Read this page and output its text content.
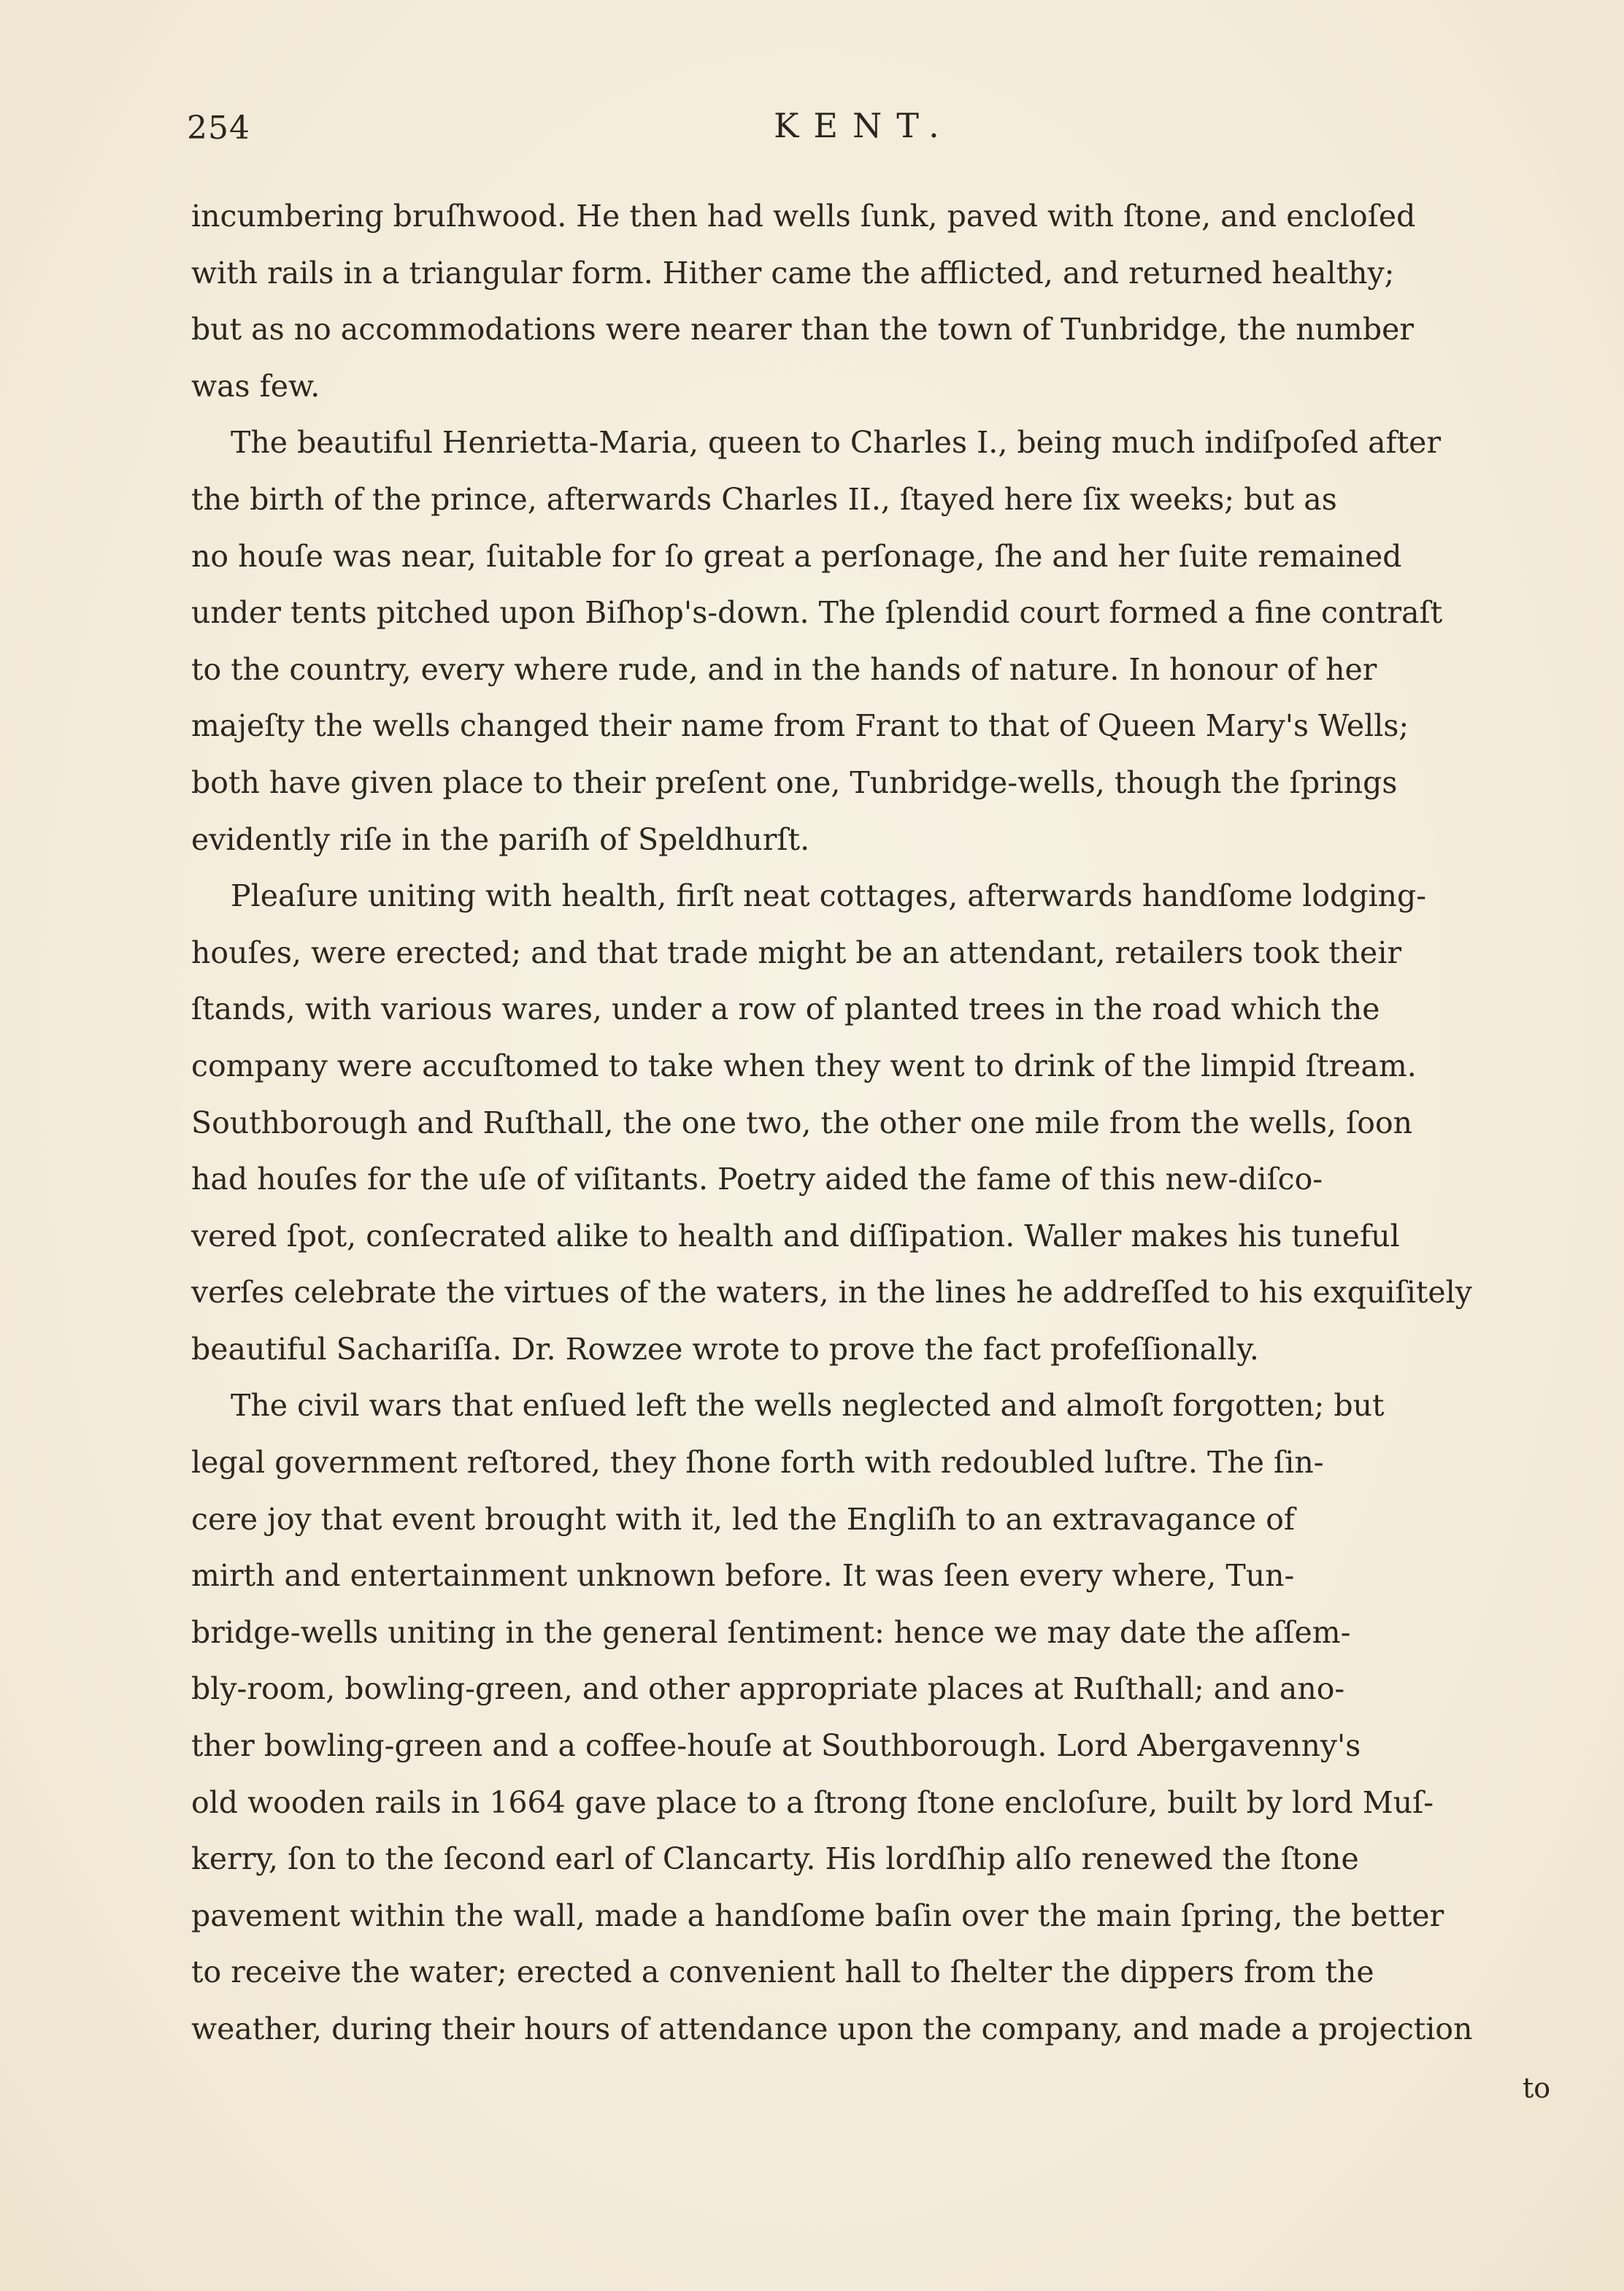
254	KENT.
incumbering bruſhwood. He then had wells ſunk, paved with ſtone, and encloſed
with rails in a triangular form. Hither came the afflicted, and returned healthy;
but as no accommodations were nearer than the town of Tunbridge, the number
was few.
The beautiful Henrietta-Maria, queen to Charles I., being much indiſpoſed after
the birth of the prince, afterwards Charles II., ſtayed here ſix weeks; but as
no houſe was near, ſuitable for ſo great a perſonage, ſhe and her ſuite remained
under tents pitched upon Biſhop's-down. The ſplendid court formed a fine contraſt
to the country, every where rude, and in the hands of nature. In honour of her
majeſty the wells changed their name from Frant to that of Queen Mary's Wells;
both have given place to their preſent one, Tunbridge-wells, though the ſprings
evidently riſe in the pariſh of Speldhurſt.
Pleaſure uniting with health, firſt neat cottages, afterwards handſome lodging-
houſes, were erected; and that trade might be an attendant, retailers took their
ſtands, with various wares, under a row of planted trees in the road which the
company were accuſtomed to take when they went to drink of the limpid ſtream.
Southborough and Ruſthall, the one two, the other one mile from the wells, ſoon
had houſes for the uſe of viſitants. Poetry aided the fame of this new-diſco-
vered ſpot, conſecrated alike to health and diſſipation. Waller makes his tuneful
verſes celebrate the virtues of the waters, in the lines he addreſſed to his exquiſitely
beautiful Sachariſſa. Dr. Rowzee wrote to prove the fact profeſſionally.
The civil wars that enſued left the wells neglected and almoſt forgotten; but
legal government reſtored, they ſhone forth with redoubled luſtre. The ſin-
cere joy that event brought with it, led the Engliſh to an extravagance of
mirth and entertainment unknown before. It was ſeen every where, Tun-
bridge-wells uniting in the general ſentiment: hence we may date the aſſem-
bly-room, bowling-green, and other appropriate places at Ruſthall; and ano-
ther bowling-green and a coffee-houſe at Southborough. Lord Abergavenny's
old wooden rails in 1664 gave place to a ſtrong ſtone encloſure, built by lord Muſ-
kerry, ſon to the ſecond earl of Clancarty. His lordſhip alſo renewed the ſtone
pavement within the wall, made a handſome baſin over the main ſpring, the better
to receive the water; erected a convenient hall to ſhelter the dippers from the
weather, during their hours of attendance upon the company, and made a projection
to
